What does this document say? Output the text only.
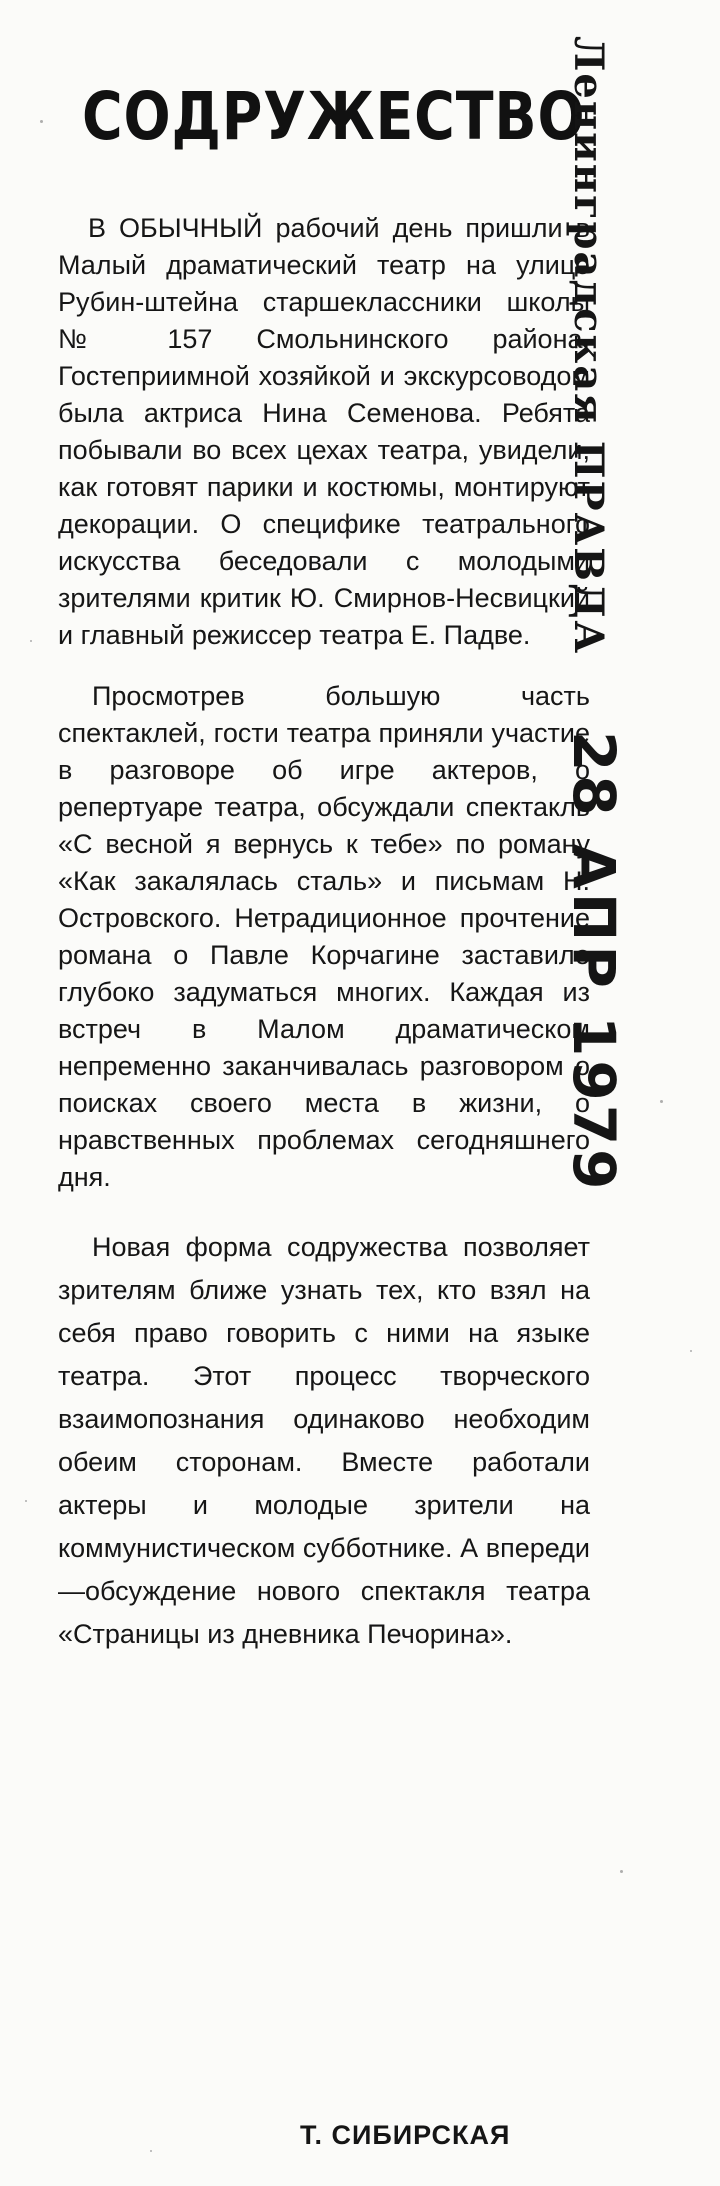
СОДРУЖЕСТВО

В ОБЫЧНЫЙ рабочий день пришли в Малый драматический театр на улице Рубин-штейна старшеклассники школы № 157 Смольнинского района. Гостеприимной хозяйкой и экскурсоводом была актриса Нина Семенова. Ребята побывали во всех цехах театра, увидели, как готовят парики и костюмы, монтируют декорации. О специфике театрального искусства беседовали с молодыми зрителями критик Ю. Смирнов-Несвицкий и главный режиссер театра Е. Падве.

Просмотрев большую часть спектаклей, гости театра приняли участие в разговоре об игре актеров, о репертуаре театра, обсуждали спектакль «С весной я вернусь к тебе» по роману «Как закалялась сталь» и письмам Н. Островского. Нетрадиционное прочтение романа о Павле Корчагине заставило глубоко задуматься многих. Каждая из встреч в Малом драматическом непременно заканчивалась разговором о поисках своего места в жизни, о нравственных проблемах сегодняшнего дня.

Новая форма содружества позволяет зрителям ближе узнать тех, кто взял на себя право говорить с ними на языке театра. Этот процесс творческого взаимопознания одинаково необходим обеим сторонам. Вместе работали актеры и молодые зрители на коммунистическом субботнике. А впереди—обсуждение нового спектакля театра «Страницы из дневника Печорина».

Т. СИБИРСКАЯ
Ленинградская ПРАВДА
28 АПР 1979
